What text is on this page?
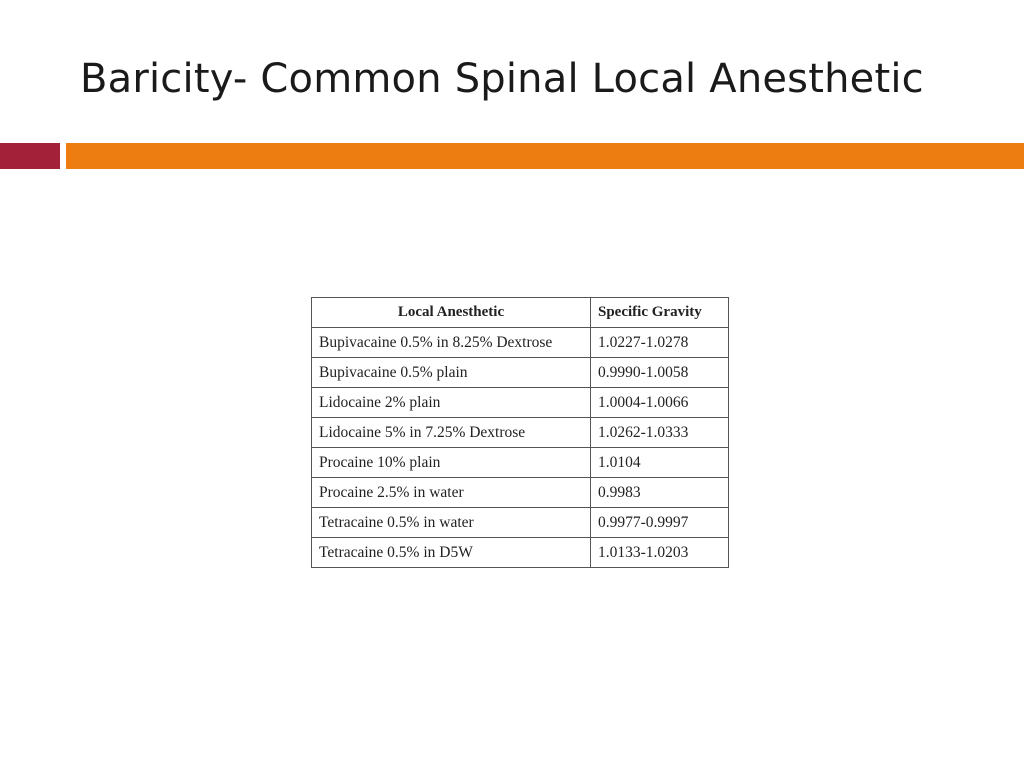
Baricity- Common Spinal Local Anesthetic
Local Anesthetic	Specific Gravity
Bupivacaine 0.5% in 8.25% Dextrose	1.0227-1.0278
Bupivacaine 0.5% plain	0.9990-1.0058
Lidocaine 2% plain	1.0004-1.0066
Lidocaine 5% in 7.25% Dextrose	1.0262-1.0333
Procaine 10% plain	1.0104
Procaine 2.5% in water	0.9983
Tetracaine 0.5% in water	0.9977-0.9997
Tetracaine 0.5% in D5W	1.0133-1.0203
